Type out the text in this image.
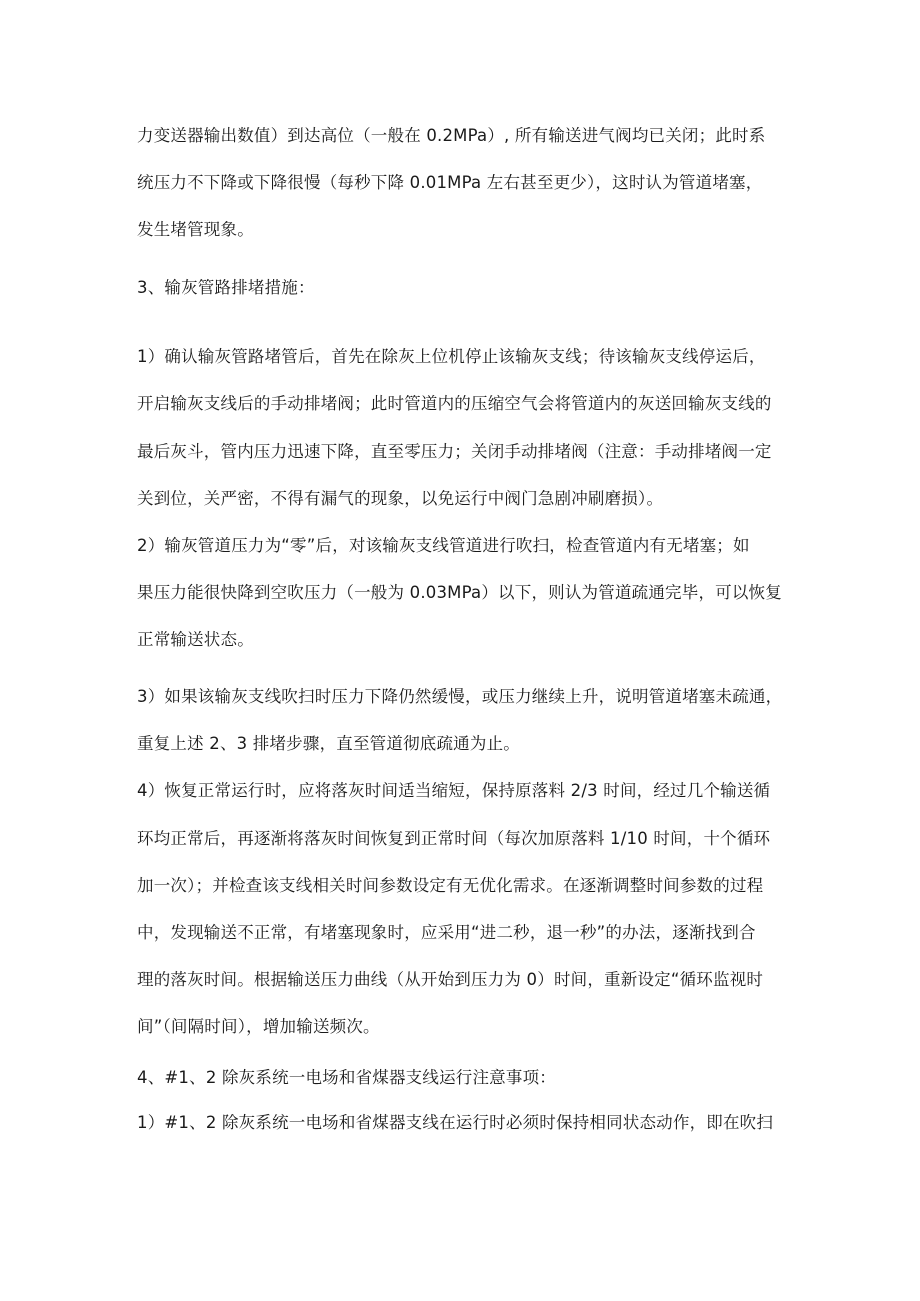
力变送器输出数值）到达高位（一般在 0.2MPa）, 所有输送进气阀均已关闭；此时系
统压力不下降或下降很慢（每秒下降 0.01MPa 左右甚至更少），这时认为管道堵塞，
发生堵管现象。
3、输灰管路排堵措施：
1）确认输灰管路堵管后，首先在除灰上位机停止该输灰支线；待该输灰支线停运后，
开启输灰支线后的手动排堵阀；此时管道内的压缩空气会将管道内的灰送回输灰支线的
最后灰斗，管内压力迅速下降，直至零压力；关闭手动排堵阀（注意：手动排堵阀一定
关到位，关严密，不得有漏气的现象，以免运行中阀门急剧冲刷磨损）。
2）输灰管道压力为“零”后，对该输灰支线管道进行吹扫，检查管道内有无堵塞；如
果压力能很快降到空吹压力（一般为 0.03MPa）以下，则认为管道疏通完毕，可以恢复
正常输送状态。
3）如果该输灰支线吹扫时压力下降仍然缓慢，或压力继续上升，说明管道堵塞未疏通，
重复上述 2、3 排堵步骤，直至管道彻底疏通为止。
4）恢复正常运行时，应将落灰时间适当缩短，保持原落料 2/3 时间，经过几个输送循
环均正常后，再逐渐将落灰时间恢复到正常时间（每次加原落料 1/10 时间，十个循环
加一次）；并检查该支线相关时间参数设定有无优化需求。在逐渐调整时间参数的过程
中，发现输送不正常，有堵塞现象时，应采用“进二秒，退一秒”的办法，逐渐找到合
理的落灰时间。根据输送压力曲线（从开始到压力为 0）时间，重新设定“循环监视时
间”（间隔时间），增加输送频次。
4、#1、2 除灰系统一电场和省煤器支线运行注意事项：
1）#1、2 除灰系统一电场和省煤器支线在运行时必须时保持相同状态动作，即在吹扫
